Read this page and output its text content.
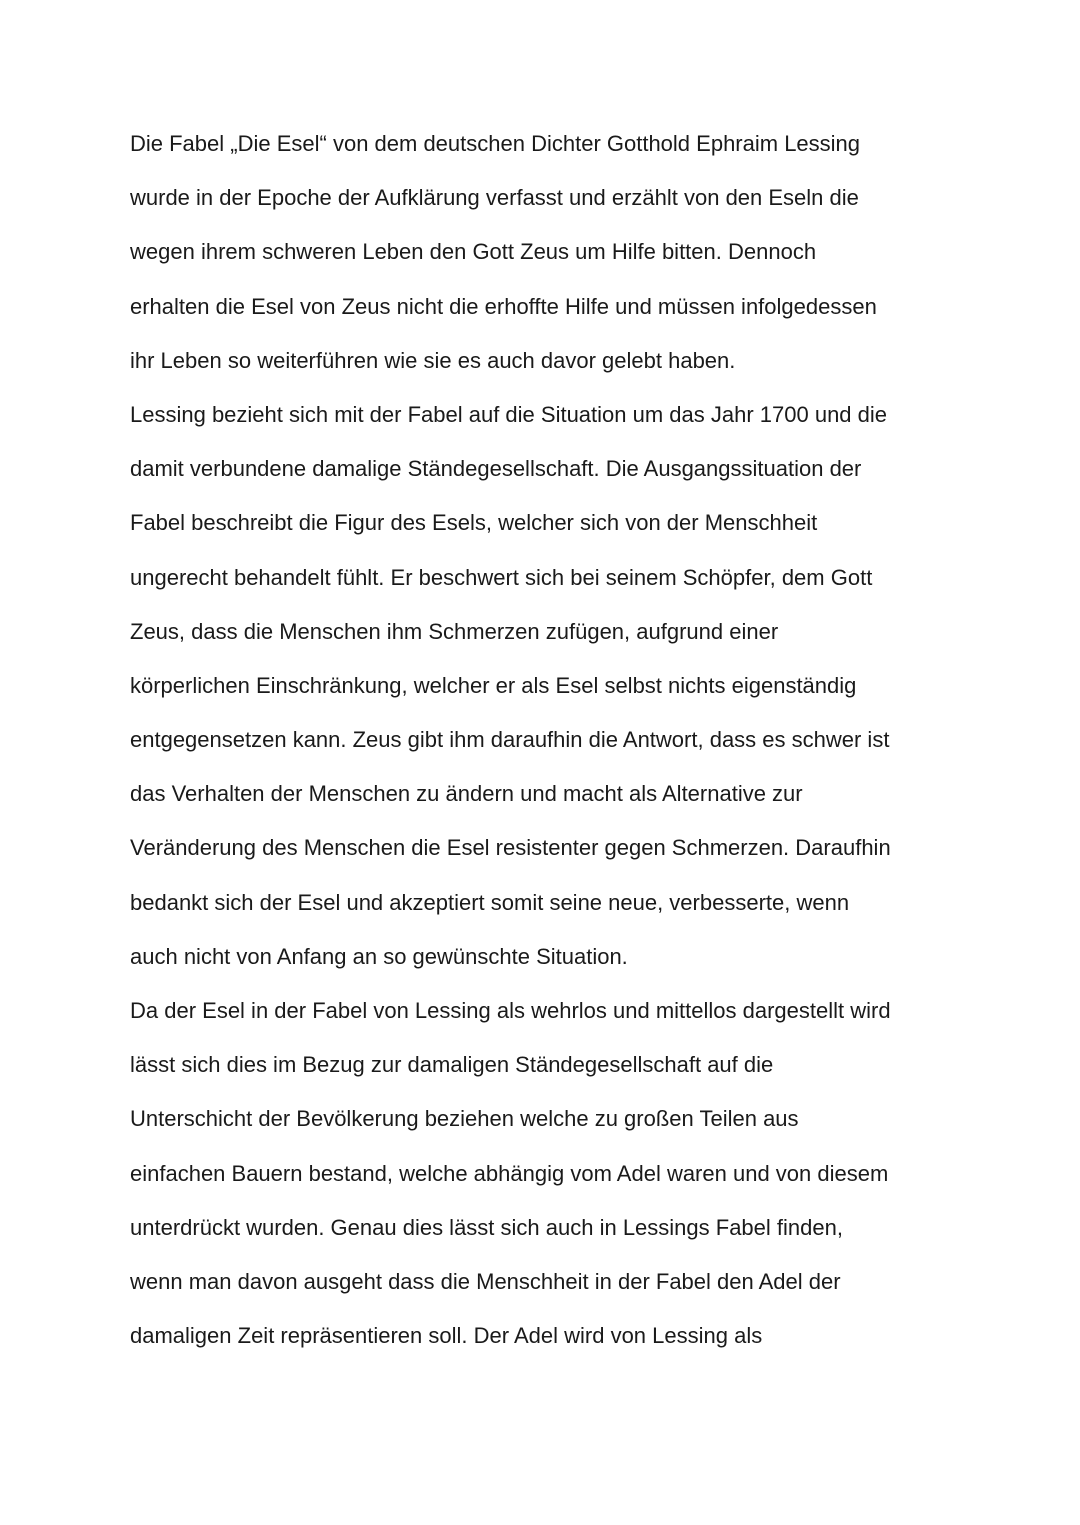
Die Fabel „Die Esel“ von dem deutschen Dichter Gotthold Ephraim Lessing
wurde in der Epoche der Aufklärung verfasst und erzählt von den Eseln die
wegen ihrem schweren Leben den Gott Zeus um Hilfe bitten. Dennoch
erhalten die Esel von Zeus nicht die erhoffte Hilfe und müssen infolgedessen
ihr Leben so weiterführen wie sie es auch davor gelebt haben.
Lessing bezieht sich mit der Fabel auf die Situation um das Jahr 1700 und die
damit verbundene damalige Ständegesellschaft. Die Ausgangssituation der
Fabel beschreibt die Figur des Esels, welcher sich von der Menschheit
ungerecht behandelt fühlt. Er beschwert sich bei seinem Schöpfer, dem Gott
Zeus, dass die Menschen ihm Schmerzen zufügen, aufgrund einer
körperlichen Einschränkung, welcher er als Esel selbst nichts eigenständig
entgegensetzen kann. Zeus gibt ihm daraufhin die Antwort, dass es schwer ist
das Verhalten der Menschen zu ändern und macht als Alternative zur
Veränderung des Menschen die Esel resistenter gegen Schmerzen. Daraufhin
bedankt sich der Esel und akzeptiert somit seine neue, verbesserte, wenn
auch nicht von Anfang an so gewünschte Situation.
Da der Esel in der Fabel von Lessing als wehrlos und mittellos dargestellt wird
lässt sich dies im Bezug zur damaligen Ständegesellschaft auf die
Unterschicht der Bevölkerung beziehen welche zu großen Teilen aus
einfachen Bauern bestand, welche abhängig vom Adel waren und von diesem
unterdrückt wurden. Genau dies lässt sich auch in Lessings Fabel finden,
wenn man davon ausgeht dass die Menschheit in der Fabel den Adel der
damaligen Zeit repräsentieren soll. Der Adel wird von Lessing als
